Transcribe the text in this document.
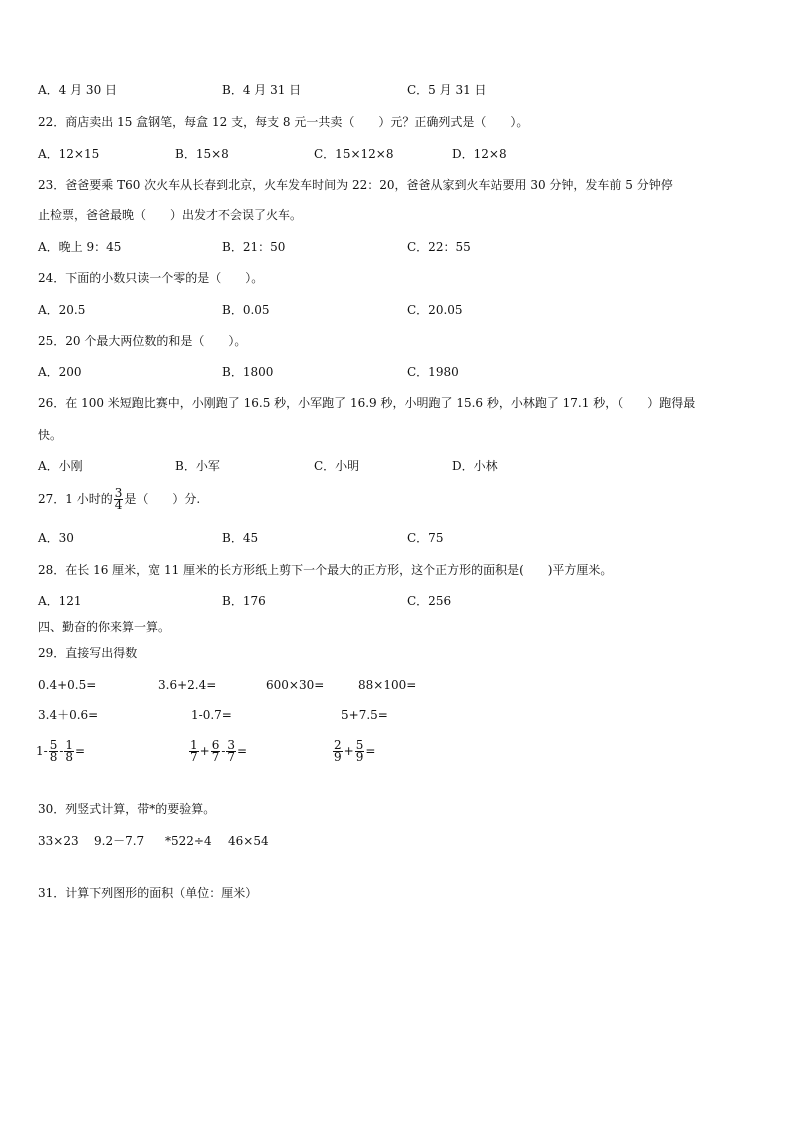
A．4 月 30 日	B．4 月 31 日	C．5 月 31 日
22．商店卖出 15 盒钢笔，每盒 12 支，每支 8 元一共卖（　　）元？正确列式是（　　）。
A．12×15	B．15×8	C．15×12×8	D．12×8
23．爸爸要乘 T60 次火车从长春到北京，火车发车时间为 22：20，爸爸从家到火车站要用 30 分钟，发车前 5 分钟停
止检票，爸爸最晚（　　）出发才不会误了火车。
A．晚上 9：45	B．21：50	C．22：55
24．下面的小数只读一个零的是（　　）。
A．20.5	B．0.05	C．20.05
25．20 个最大两位数的和是（　　）。
A．200	B．1800	C．1980
26．在 100 米短跑比赛中，小刚跑了 16.5 秒，小军跑了 16.9 秒，小明跑了 15.6 秒，小林跑了 17.1 秒，（　　）跑得最
快。
A．小刚	B．小军	C．小明	D．小林
27．1 小时的 $\frac{3}{4}$ 是（　　）分.
A．30	B．45	C．75
28．在长 16 厘米，宽 11 厘米的长方形纸上剪下一个最大的正方形，这个正方形的面积是(　　)平方厘米。
A．121	B．176	C．256
四、勤奋的你来算一算。
29．直接写出得数
0.4+0.5=	3.6+2.4=	600×30=	88×100=
3.4＋0.6=	1-0.7=	5+7.5=
$1- \frac{5}{8} - \frac{1}{8}$ =	$\frac{1}{7} + \frac{6}{7} - \frac{3}{7}$ =	$\frac{2}{9} + \frac{5}{9}$ =
30．列竖式计算，带*的要验算。
33×23 9.2－7.7 *522÷4 46×54
31．计算下列图形的面积（单位：厘米）
